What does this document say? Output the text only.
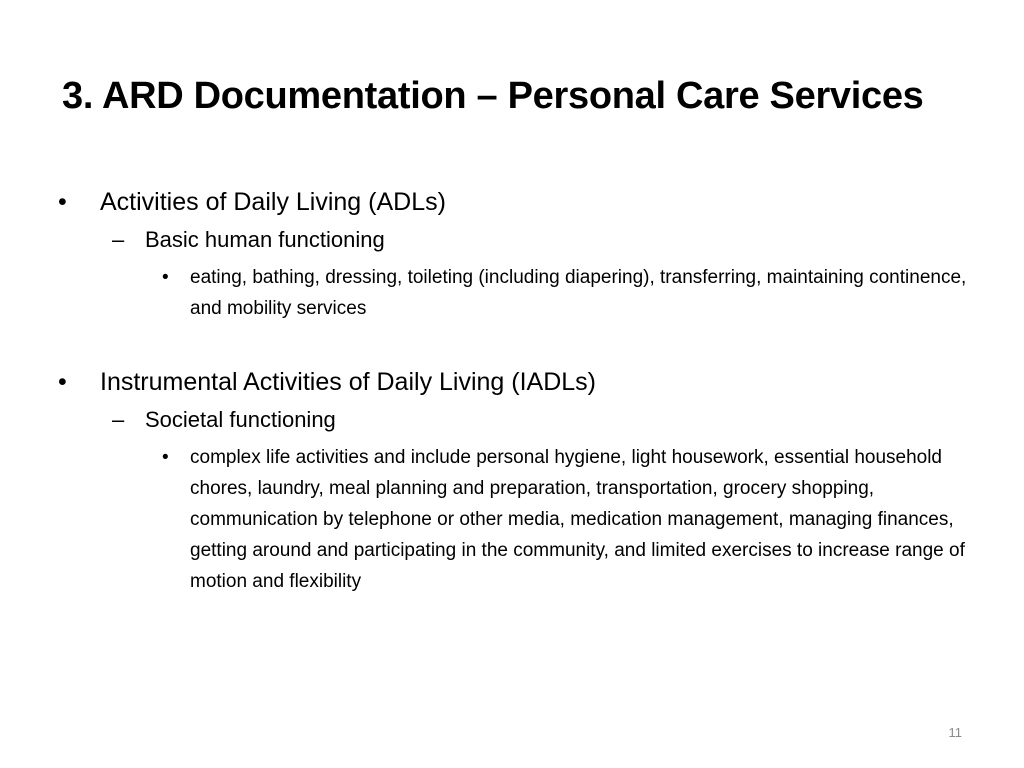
3. ARD Documentation – Personal Care Services
• Activities of Daily Living (ADLs)
– Basic human functioning
• eating, bathing, dressing, toileting (including diapering), transferring, maintaining continence, and mobility services
• Instrumental Activities of Daily Living (IADLs)
– Societal functioning
• complex life activities and include personal hygiene, light housework, essential household chores, laundry, meal planning and preparation, transportation, grocery shopping, communication by telephone or other media, medication management, managing finances, getting around and participating in the community, and limited exercises to increase range of motion and flexibility
11
